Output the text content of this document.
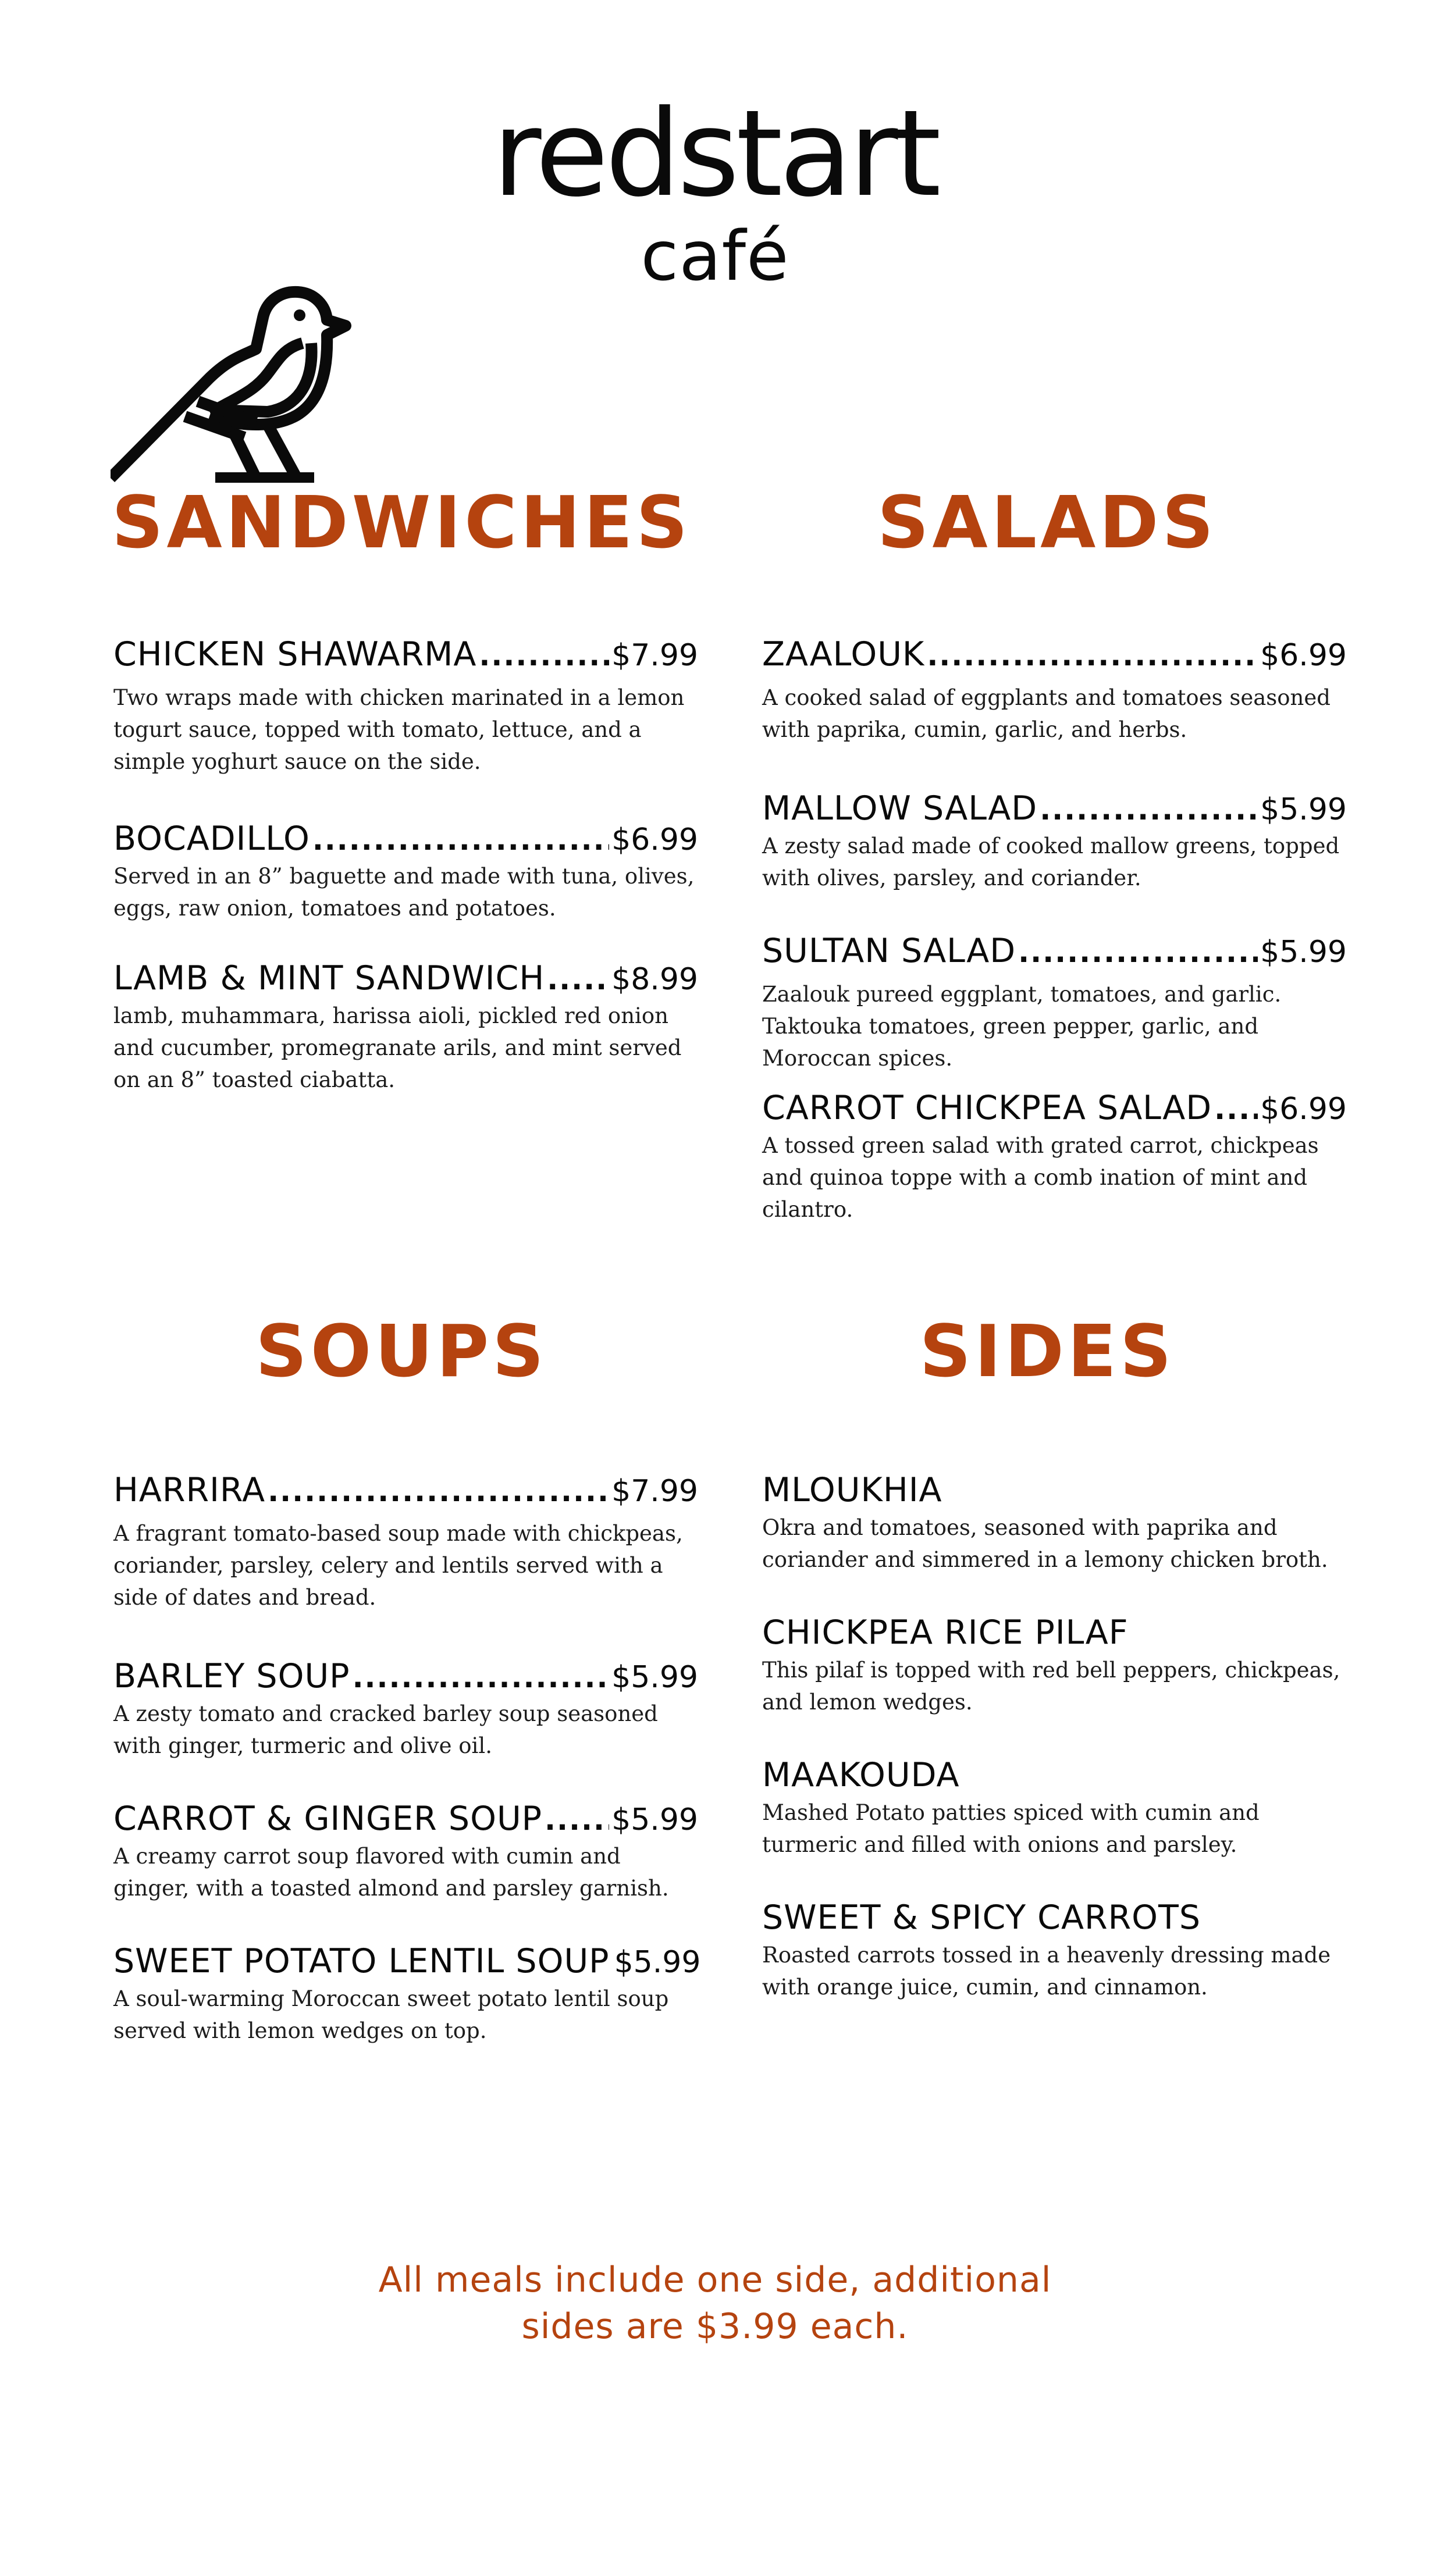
redstart
café
SANDWICHES	SALADS
SOUPS	SIDES
CHICKEN SHAWARMA .....	$7.99
Two wraps made with chicken marinated in a lemon togurt sauce, topped with tomato, lettuce, and a simple yoghurt sauce on the side.
BOCADILLO .....	$6.99
Served in an 8” baguette and made with tuna, olives, eggs, raw onion, tomatoes and potatoes.
LAMB & MINT SANDWICH ..... $8.99
lamb, muhammara, harissa aioli, pickled red onion and cucumber, promegranate arils, and mint served on an 8” toasted ciabatta.
ZAALOUK .....	$6.99
A cooked salad of eggplants and tomatoes seasoned with paprika, cumin, garlic, and herbs.
MALLOW SALAD .....	$5.99
A zesty salad made of cooked mallow greens, topped with olives, parsley, and coriander.
SULTAN SALAD .....	$5.99
Zaalouk pureed eggplant, tomatoes, and garlic. Taktouka tomatoes, green pepper, garlic, and Moroccan spices.
CARROT CHICKPEA SALAD ..... $6.99
A tossed green salad with grated carrot, chickpeas and quinoa toppe with a comb ination of mint and cilantro.
HARRIRA .....	$7.99
A fragrant tomato-based soup made with chickpeas, coriander, parsley, celery and lentils served with a side of dates and bread.
BARLEY SOUP .....	$5.99
A zesty tomato and cracked barley soup seasoned with ginger, turmeric and olive oil.
CARROT & GINGER SOUP ..... $5.99
A creamy carrot soup flavored with cumin and ginger, with a toasted almond and parsley garnish.
SWEET POTATO LENTIL SOUP $5.99
A soul-warming Moroccan sweet potato lentil soup served with lemon wedges on top.
MLOUKHIA
Okra and tomatoes, seasoned with paprika and coriander and simmered in a lemony chicken broth.
CHICKPEA RICE PILAF
This pilaf is topped with red bell peppers, chickpeas, and lemon wedges.
MAAKOUDA
Mashed Potato patties spiced with cumin and turmeric and filled with onions and parsley.
SWEET & SPICY CARROTS
Roasted carrots tossed in a heavenly dressing made with orange juice, cumin, and cinnamon.
All meals include one side, additional
sides are $3.99 each.
